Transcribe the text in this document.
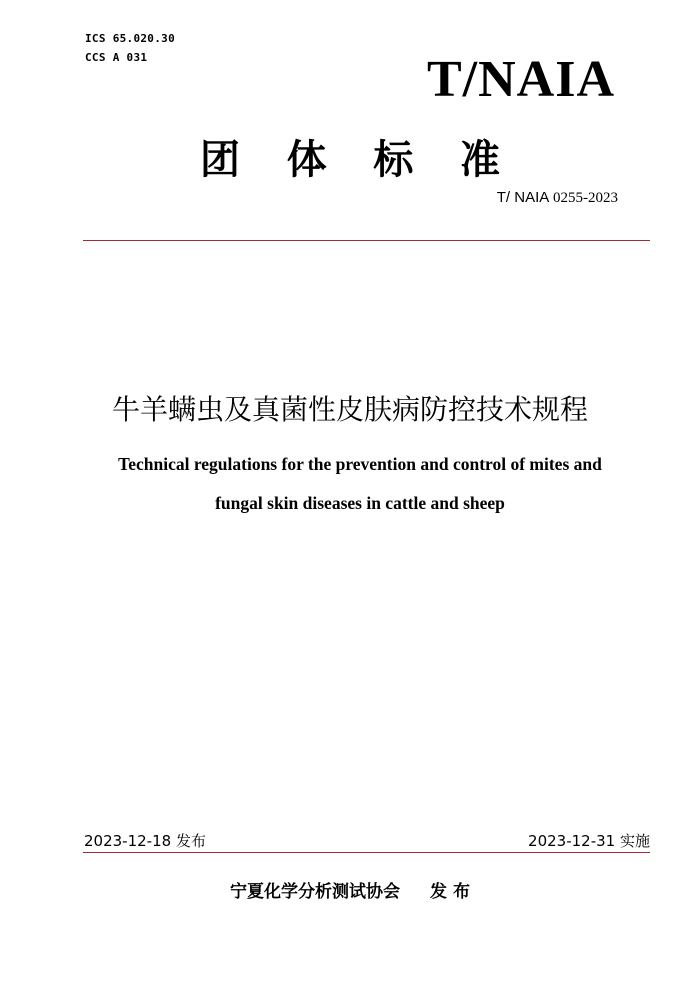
ICS 65.020.30
CCS A 031	T/NAIA
团 体 标 准
T/ NAIA 0255-2023
牛羊螨虫及真菌性皮肤病防控技术规程
Technical regulations for the prevention and control of mites and
fungal skin diseases in cattle and sheep
2023-12-18 发布	2023-12-31 实施
宁夏化学分析测试协会 发 布
